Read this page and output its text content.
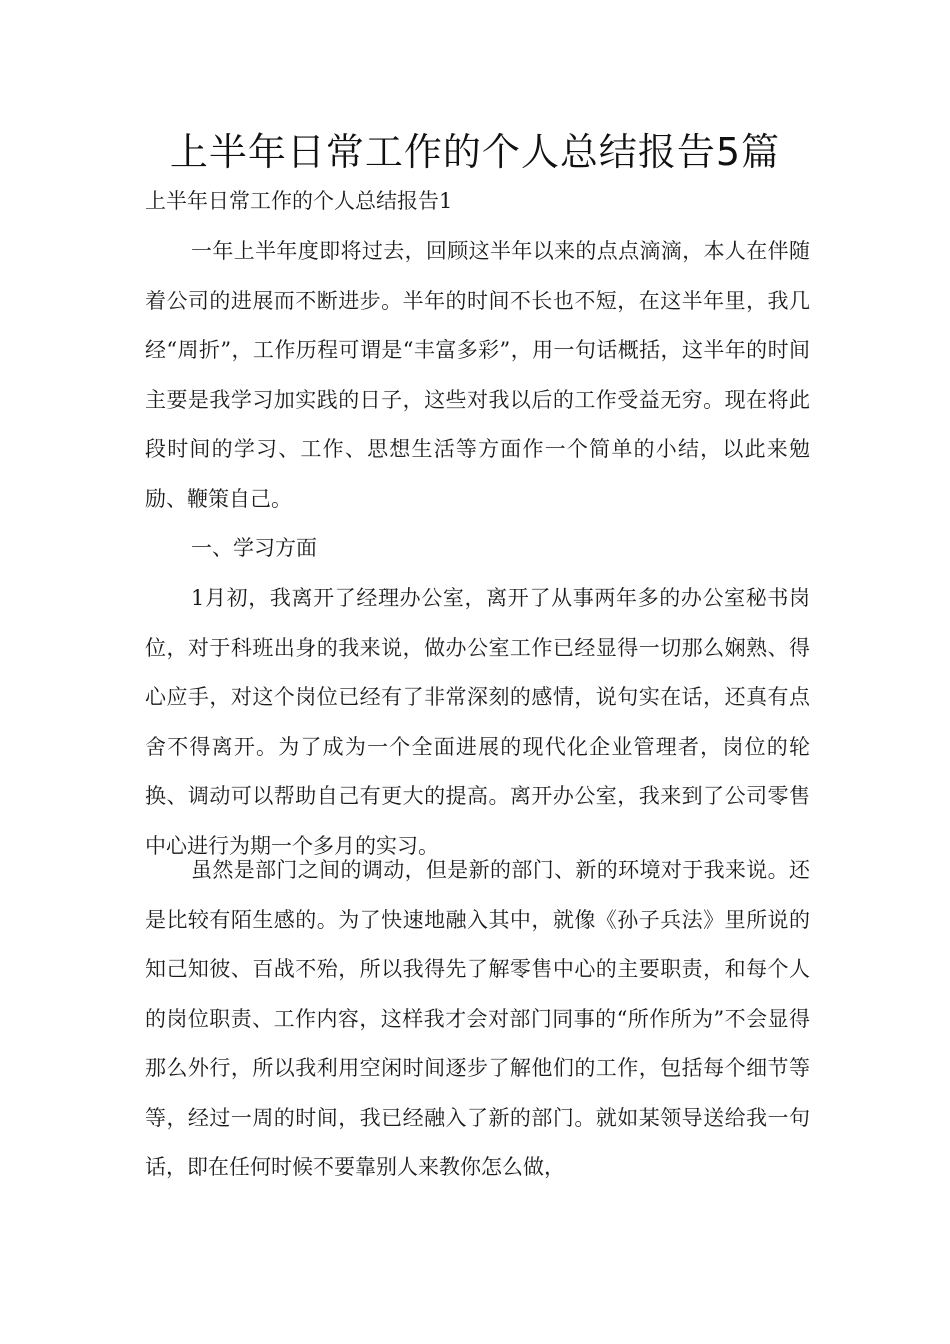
上半年日常工作的个人总结报告5篇

上半年日常工作的个人总结报告1

一年上半年度即将过去，回顾这半年以来的点点滴滴，本人在伴随着公司的进展而不断进步。半年的时间不长也不短，在这半年里，我几经“周折”，工作历程可谓是“丰富多彩”，用一句话概括，这半年的时间主要是我学习加实践的日子，这些对我以后的工作受益无穷。现在将此段时间的学习、工作、思想生活等方面作一个简单的小结，以此来勉励、鞭策自己。

一、学习方面

1月初，我离开了经理办公室，离开了从事两年多的办公室秘书岗位，对于科班出身的我来说，做办公室工作已经显得一切那么娴熟、得心应手，对这个岗位已经有了非常深刻的感情，说句实在话，还真有点舍不得离开。为了成为一个全面进展的现代化企业管理者，岗位的轮换、调动可以帮助自己有更大的提高。离开办公室，我来到了公司零售中心进行为期一个多月的实习。

虽然是部门之间的调动，但是新的部门、新的环境对于我来说。还是比较有陌生感的。为了快速地融入其中，就像《孙子兵法》里所说的知己知彼、百战不殆，所以我得先了解零售中心的主要职责，和每个人的岗位职责、工作内容，这样我才会对部门同事的“所作所为”不会显得那么外行，所以我利用空闲时间逐步了解他们的工作，包括每个细节等等，经过一周的时间，我已经融入了新的部门。就如某领导送给我一句话，即在任何时候不要靠别人来教你怎么做，
